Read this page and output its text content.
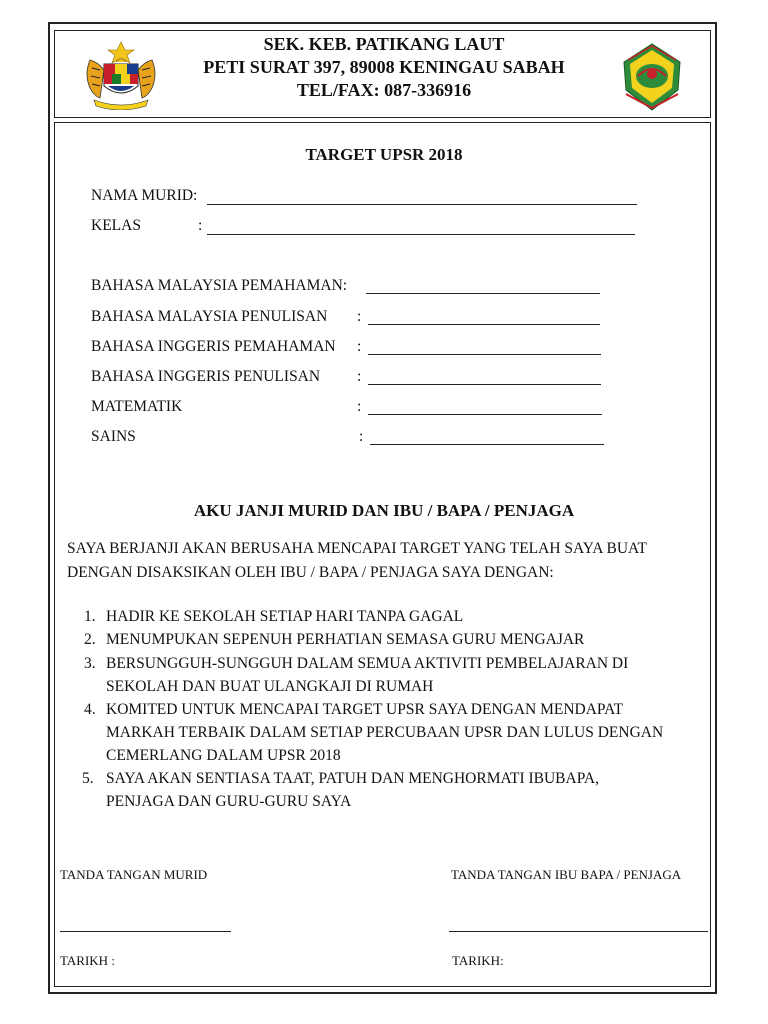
SEK. KEB. PATIKANG LAUT
PETI SURAT 397, 89008 KENINGAU SABAH
TEL/FAX: 087-336916
TARGET UPSR 2018
NAMA MURID:
KELAS	:
BAHASA MALAYSIA PEMAHAMAN:
BAHASA MALAYSIA PENULISAN :
BAHASA INGGERIS PEMAHAMAN :
BAHASA INGGERIS PENULISAN :
MATEMATIK	:
SAINS	:
AKU JANJI MURID DAN IBU / BAPA / PENJAGA
SAYA BERJANJI AKAN BERUSAHA MENCAPAI TARGET YANG TELAH SAYA BUAT
DENGAN DISAKSIKAN OLEH IBU / BAPA / PENJAGA SAYA DENGAN:
1. HADIR KE SEKOLAH SETIAP HARI TANPA GAGAL
2. MENUMPUKAN SEPENUH PERHATIAN SEMASA GURU MENGAJAR
3. BERSUNGGUH-SUNGGUH DALAM SEMUA AKTIVITI PEMBELAJARAN DI
SEKOLAH DAN BUAT ULANGKAJI DI RUMAH
4. KOMITED UNTUK MENCAPAI TARGET UPSR SAYA DENGAN MENDAPAT
MARKAH TERBAIK DALAM SETIAP PERCUBAAN UPSR DAN LULUS DENGAN
CEMERLANG DALAM UPSR 2018
5. SAYA AKAN SENTIASA TAAT, PATUH DAN MENGHORMATI IBUBAPA,
PENJAGA DAN GURU-GURU SAYA
TANDA TANGAN MURID	TANDA TANGAN IBU BAPA / PENJAGA
TARIKH :	TARIKH:
